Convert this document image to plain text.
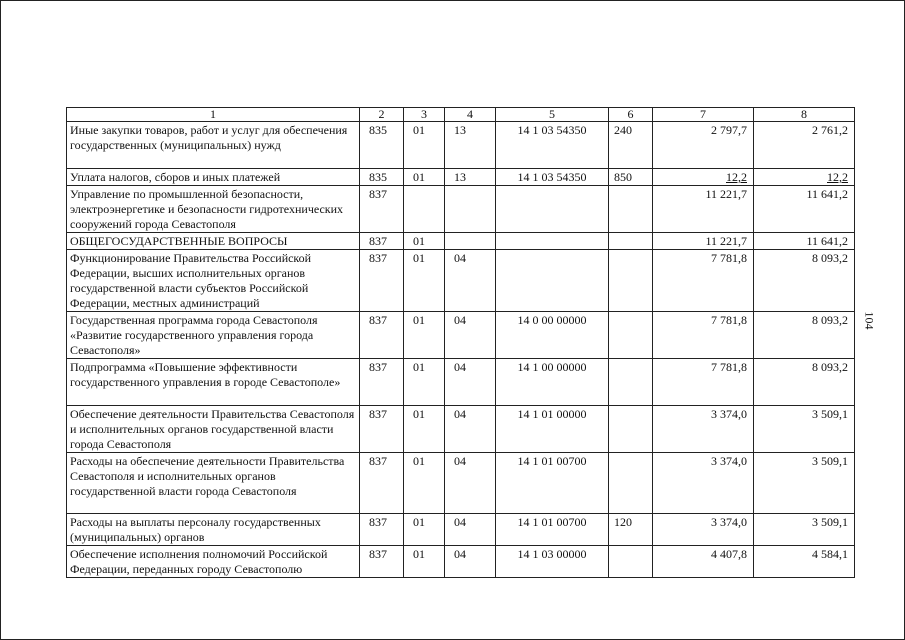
1	2	3	4	5	6	7	8
Иные закупки товаров, работ и услуг для обеспечения государственных (муниципальных) нужд	835	01	13	14 1 03 54350	240	2 797,7	2 761,2
Уплата налогов, сборов и иных платежей	835	01	13	14 1 03 54350	850	12,2	12,2
Управление по промышленной безопасности, электроэнергетике и безопасности гидротехнических сооружений города Севастополя	837					11 221,7	11 641,2
ОБЩЕГОСУДАРСТВЕННЫЕ ВОПРОСЫ	837	01				11 221,7	11 641,2
Функционирование Правительства Российской Федерации, высших исполнительных органов государственной власти субъектов Российской Федерации, местных администраций	837	01	04			7 781,8	8 093,2
Государственная программа города Севастополя «Развитие государственного управления города Севастополя»	837	01	04	14 0 00 00000		7 781,8	8 093,2
Подпрограмма «Повышение эффективности государственного управления в городе Севастополе»	837	01	04	14 1 00 00000		7 781,8	8 093,2
Обеспечение деятельности Правительства Севастополя и исполнительных органов государственной власти города Севастополя	837	01	04	14 1 01 00000		3 374,0	3 509,1
Расходы на обеспечение деятельности Правительства Севастополя и исполнительных органов государственной власти города Севастополя	837	01	04	14 1 01 00700		3 374,0	3 509,1
Расходы на выплаты персоналу государственных (муниципальных) органов	837	01	04	14 1 01 00700	120	3 374,0	3 509,1
Обеспечение исполнения полномочий Российской Федерации, переданных городу Севастополю	837	01	04	14 1 03 00000		4 407,8	4 584,1
104
